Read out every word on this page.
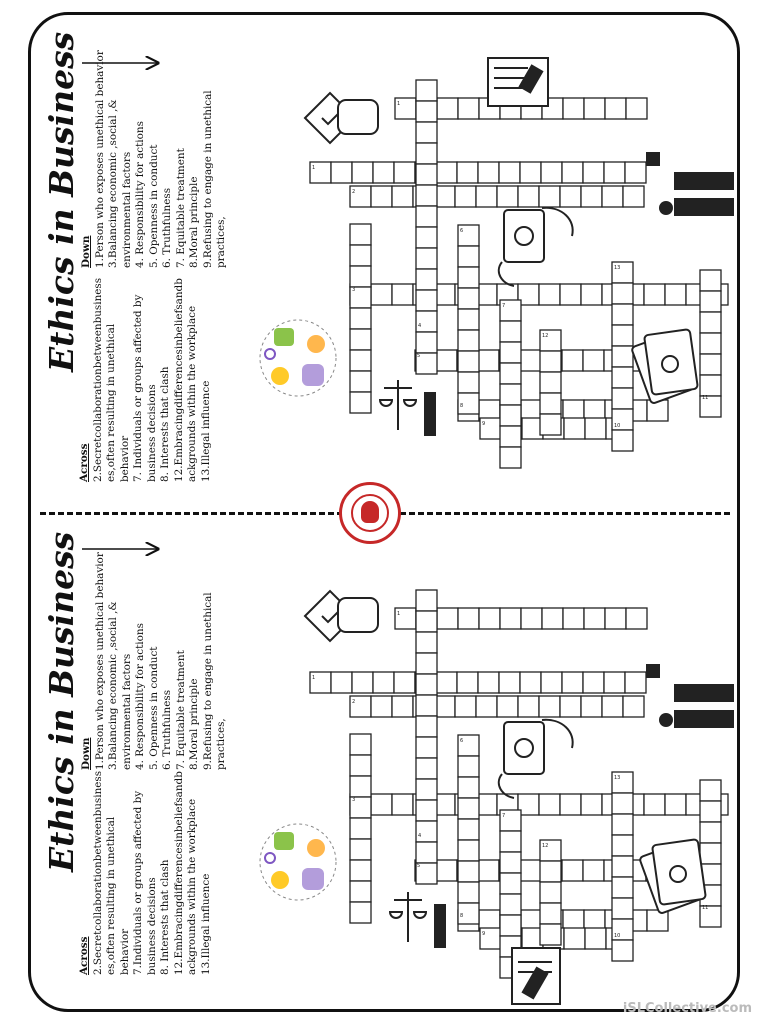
Ethics in Business
Across 2.Secretcollaborationbetweenbusiness es,often resulting in unethical behavior 7. Individuals or groups affected by business decisions 8. Interests that clash 12.Embracingdifferencesinbeliefsandb ackgrounds within the workplace 13.Illegal influence

Down 1.Person who exposes unethical behavior 3.Balancing economic ,social ,& environmental factors 4. Responsibility for actions 5. Openness in conduct 6. Truthfulness 7. Equitable treatment 8.Moral principle 9.Refusing to engage in unethical practices,

Ethics in Business
Across 2.Secretcollaborationbetweenbusiness es,often resulting in unethical behavior 7.Individuals or groups affected by business decisions 8. Interests that clash 12.Embracingdifferencesinbeliefsandb ackgrounds within the workplace 13.Illegal influence

Down 1.Person who exposes unethical behavior 3.Balancing economic ,social ,& environmental factors 4. Responsibility for actions 5. Openness in conduct 6. Truthfulness 7. Equitable treatment 8.Moral principle 9.Refusing to engage in unethical practices,

1
1
2
3
4
5
6
7
8
9	10
11
12
13
1
1
2
3
4
5
6
7
8
9	10
11
12
13
iSLCollective.com
